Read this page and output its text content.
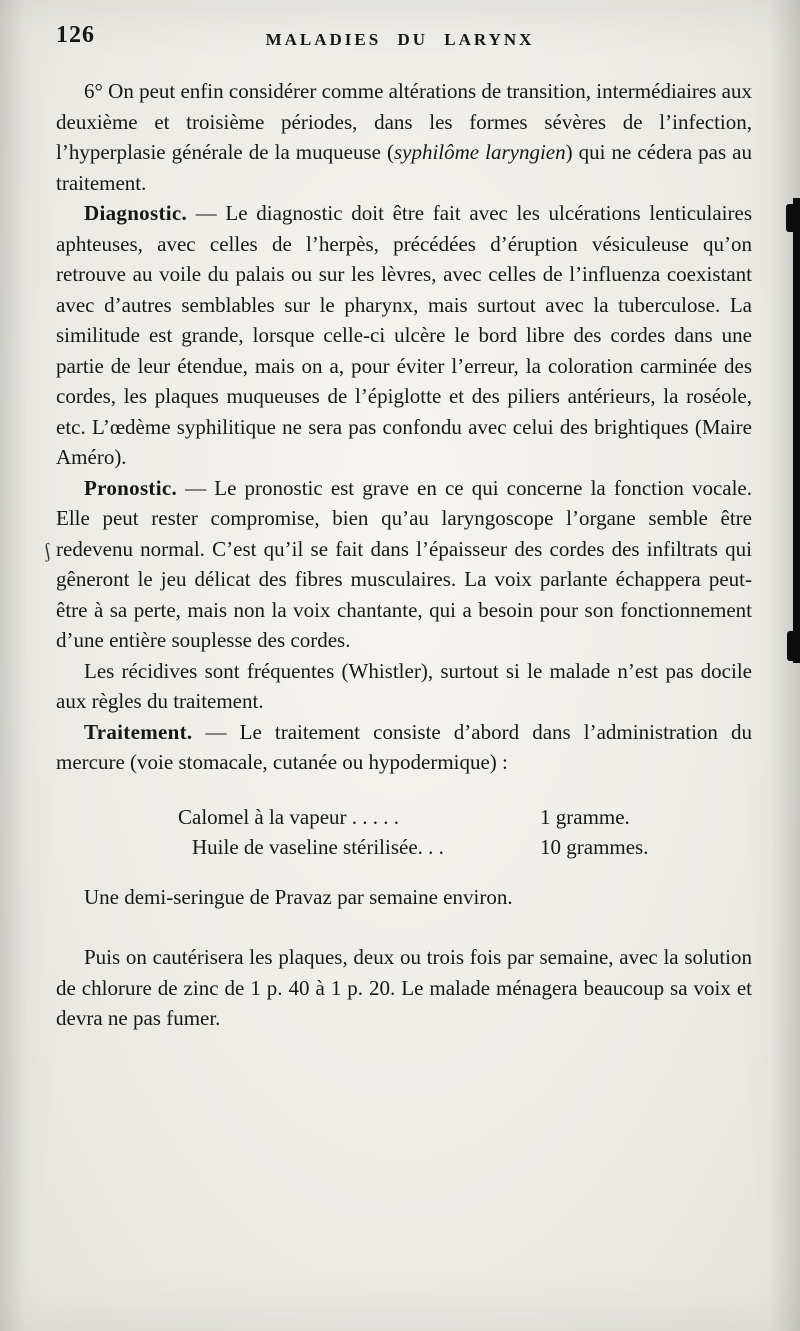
126	MALADIES DU LARYNX

6° On peut enfin considérer comme altérations de transition, intermédiaires aux deuxième et troisième périodes, dans les formes sévères de l’infection, l’hyperplasie générale de la muqueuse (syphilôme laryngien) qui ne cédera pas au traitement.

Diagnostic. — Le diagnostic doit être fait avec les ulcérations lenticulaires aphteuses, avec celles de l’herpès, précédées d’éruption vésiculeuse qu’on retrouve au voile du palais ou sur les lèvres, avec celles de l’influenza coexistant avec d’autres semblables sur le pharynx, mais surtout avec la tuberculose. La similitude est grande, lorsque celle-ci ulcère le bord libre des cordes dans une partie de leur étendue, mais on a, pour éviter l’erreur, la coloration carminée des cordes, les plaques muqueuses de l’épiglotte et des piliers antérieurs, la roséole, etc. L’œdème syphilitique ne sera pas confondu avec celui des brightiques (Maire Améro).

Pronostic. — Le pronostic est grave en ce qui concerne la fonction vocale. Elle peut rester compromise, bien qu’au laryngoscope l’organe semble être redevenu normal. C’est qu’il se fait dans l’épaisseur des cordes des infiltrats qui gêneront le jeu délicat des fibres musculaires. La voix parlante échappera peut-être à sa perte, mais non la voix chantante, qui a besoin pour son fonctionnement d’une entière souplesse des cordes.

Les récidives sont fréquentes (Whistler), surtout si le malade n’est pas docile aux règles du traitement.

Traitement. — Le traitement consiste d’abord dans l’administration du mercure (voie stomacale, cutanée ou hypodermique) :

Calomel à la vapeur . . . . .	1 gramme.
Huile de vaseline stérilisée. . .	10 grammes.

Une demi-seringue de Pravaz par semaine environ.

Puis on cautérisera les plaques, deux ou trois fois par semaine, avec la solution de chlorure de zinc de 1 p. 40 à 1 p. 20. Le malade ménagera beaucoup sa voix et devra ne pas fumer.

ʃ
